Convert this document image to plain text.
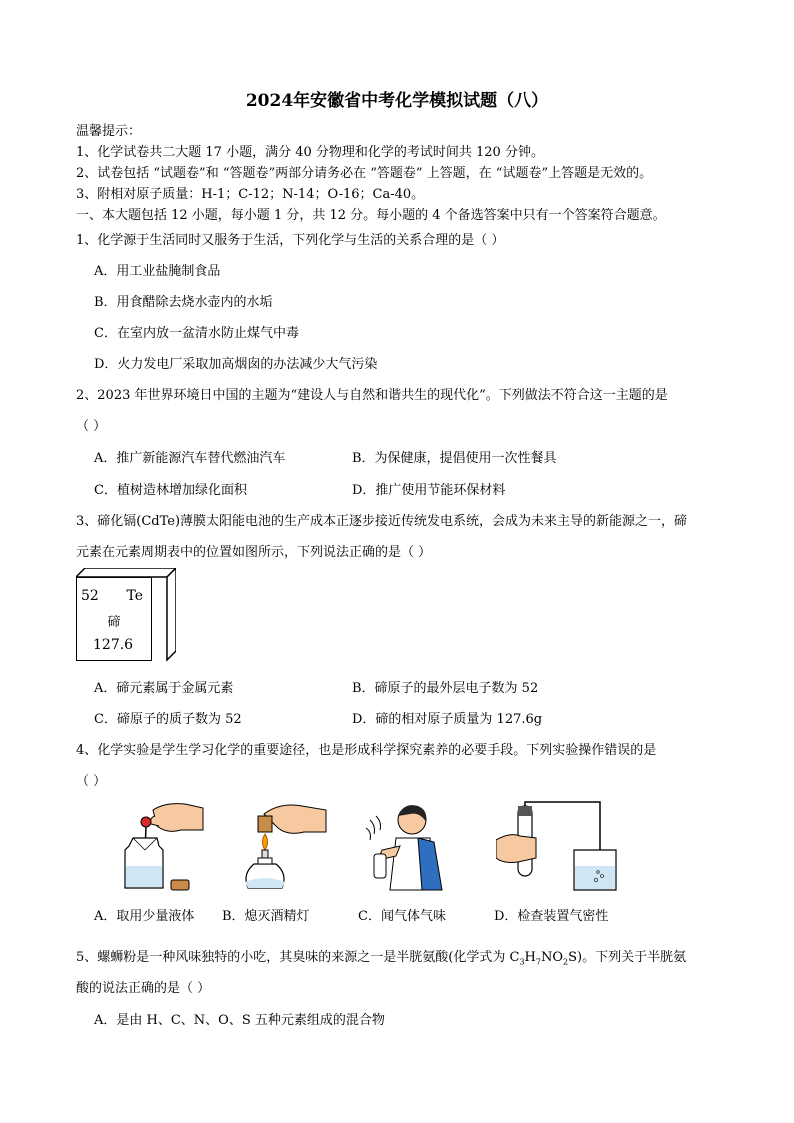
2024年安徽省中考化学模拟试题（八）
温馨提示：
1、化学试卷共二大题 17 小题，满分 40 分物理和化学的考试时间共 120 分钟。
2、试卷包括 “试题卷”和 “答题卷”两部分请务必在 “答题卷” 上答题，在 “试题卷”上答题是无效的。
3、附相对原子质量：H-1；C-12；N-14；O-16；Ca-40。
一、本大题包括 12 小题，每小题 1 分，共 12 分。每小题的 4 个备选答案中只有一个答案符合题意。
1、化学源于生活同时又服务于生活，下列化学与生活的关系合理的是（ ）
A．用工业盐腌制食品
B．用食醋除去烧水壶内的水垢
C．在室内放一盆清水防止煤气中毒
D．火力发电厂采取加高烟囱的办法减少大气污染
2、2023 年世界环境日中国的主题为“建设人与自然和谐共生的现代化”。下列做法不符合这一主题的是
（ ）
A．推广新能源汽车替代燃油汽车	B．为保健康，提倡使用一次性餐具
C．植树造林增加绿化面积	D．推广使用节能环保材料
3、碲化镉(CdTe)薄膜太阳能电池的生产成本正逐步接近传统发电系统，会成为未来主导的新能源之一，碲
元素在元素周期表中的位置如图所示，下列说法正确的是（ ）
52 Te
碲
127.6
A．碲元素属于金属元素	B．碲原子的最外层电子数为 52
C．碲原子的质子数为 52	D．碲的相对原子质量为 127.6g
4、化学实验是学生学习化学的重要途径，也是形成科学探究素养的必要手段。下列实验操作错误的是
（ ）
A．取用少量液体 B．熄灭酒精灯	C．闻气体气味	D．检查装置气密性
5、螺蛳粉是一种风味独特的小吃，其臭味的来源之一是半胱氨酸(化学式为 $C_3H_7NO_2S$)。下列关于半胱氨
酸的说法正确的是（ ）
A．是由 H、C、N、O、S 五种元素组成的混合物
